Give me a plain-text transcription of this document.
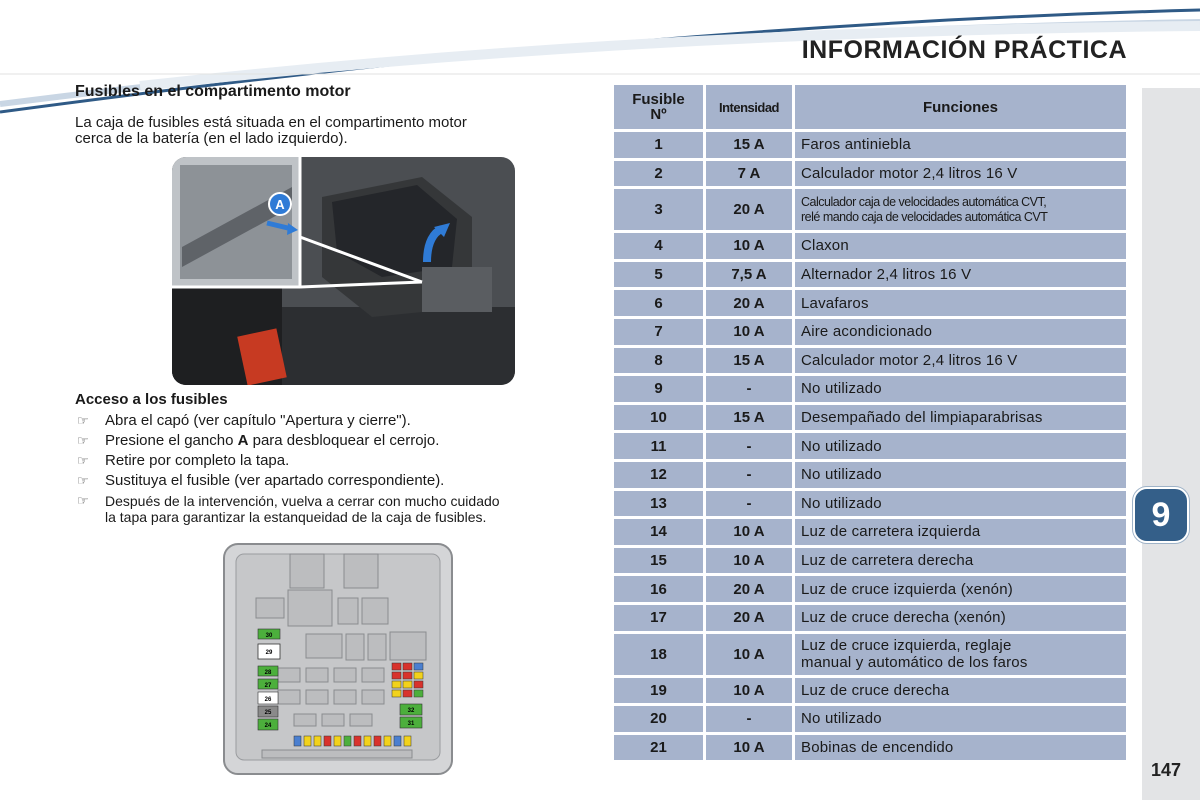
INFORMACIÓN PRÁCTICA
9
147
Fusibles en el compartimento motor
La caja de fusibles está situada en el compartimento motor
cerca de la batería (en el lado izquierdo).
A
Acceso a los fusibles
☞ Abra el capó (ver capítulo "Apertura y cierre").
☞ Presione el gancho A para desbloquear el cerrojo.
☞ Retire por completo la tapa.
☞ Sustituya el fusible (ver apartado correspondiente).
☞ Después de la intervención, vuelva a cerrar con mucho cuidado
la tapa para garantizar la estanqueidad de la caja de fusibles.
30
29
28
27
26
25
24
32
31
Fusible
Nº	Intensidad	Funciones
1	15 A	Faros antiniebla
2	7 A	Calculador motor 2,4 litros 16 V
3	20 A	Calculador caja de velocidades automática CVT,
relé mando caja de velocidades automática CVT
4	10 A	Claxon
5	7,5 A	Alternador 2,4 litros 16 V
6	20 A	Lavafaros
7	10 A	Aire acondicionado
8	15 A	Calculador motor 2,4 litros 16 V
9	-	No utilizado
10	15 A	Desempañado del limpiaparabrisas
11	-	No utilizado
12	-	No utilizado
13	-	No utilizado
14	10 A	Luz de carretera izquierda
15	10 A	Luz de carretera derecha
16	20 A	Luz de cruce izquierda (xenón)
17	20 A	Luz de cruce derecha (xenón)
18	10 A	Luz de cruce izquierda, reglaje
manual y automático de los faros
19	10 A	Luz de cruce derecha
20	-	No utilizado
21	10 A	Bobinas de encendido
